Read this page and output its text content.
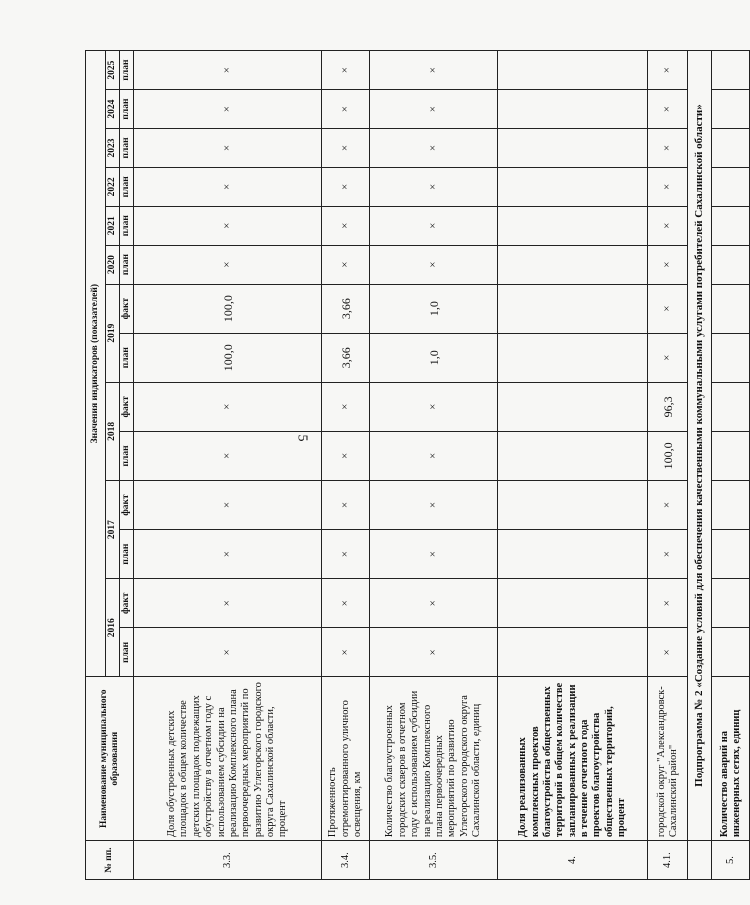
5
№ пп.	Наименование муниципального образования	Значения индикаторов (показателей)													
		2016		2017		2018		2019		2020	2021	2022	2023	2024	2025
		план	факт	план	факт	план	факт	план	факт	план	план	план	план	план	план
3.3.	Доля обустроенных детских площадок в общем количестве детских площадок подлежащих обустройству в отчетном году с использованием субсидии на реализацию Комплексного плана первоочередных мероприятий по развитию Углегорского городского округа Сахалинской области, процент	×	×	×	×	×	×	100,0	100,0	×	×	×	×	×	×
3.4.	Протяженность отремонтированного уличного освещения, км	×	×	×	×	×	×	3,66	3,66	×	×	×	×	×	×
3.5.	Количество благоустроенных городских скверов в отчетном году с использованием субсидии на реализацию Комплексного плана первоочередных мероприятий по развитию Углегорского городского округа Сахалинской области, единиц	×	×	×	×	×	×	1,0	1,0	×	×	×	×	×	×
4.	Доля реализованных комплексных проектов благоустройства общественных территорий в общем количестве запланированных к реализации в течение отчетного года проектов благоустройства общественных территорий, процент														
4.1.	городской округ "Александровск-Сахалинский район"	×	×	×	×	100,0	96,3	×	×	×	×	×	×	×	×
	Подпрограмма № 2 «Создание условий для обеспечения качественными коммунальными услугами потребителей Сахалинской области»														
5.	Количество аварий на инженерных сетях, единиц														
